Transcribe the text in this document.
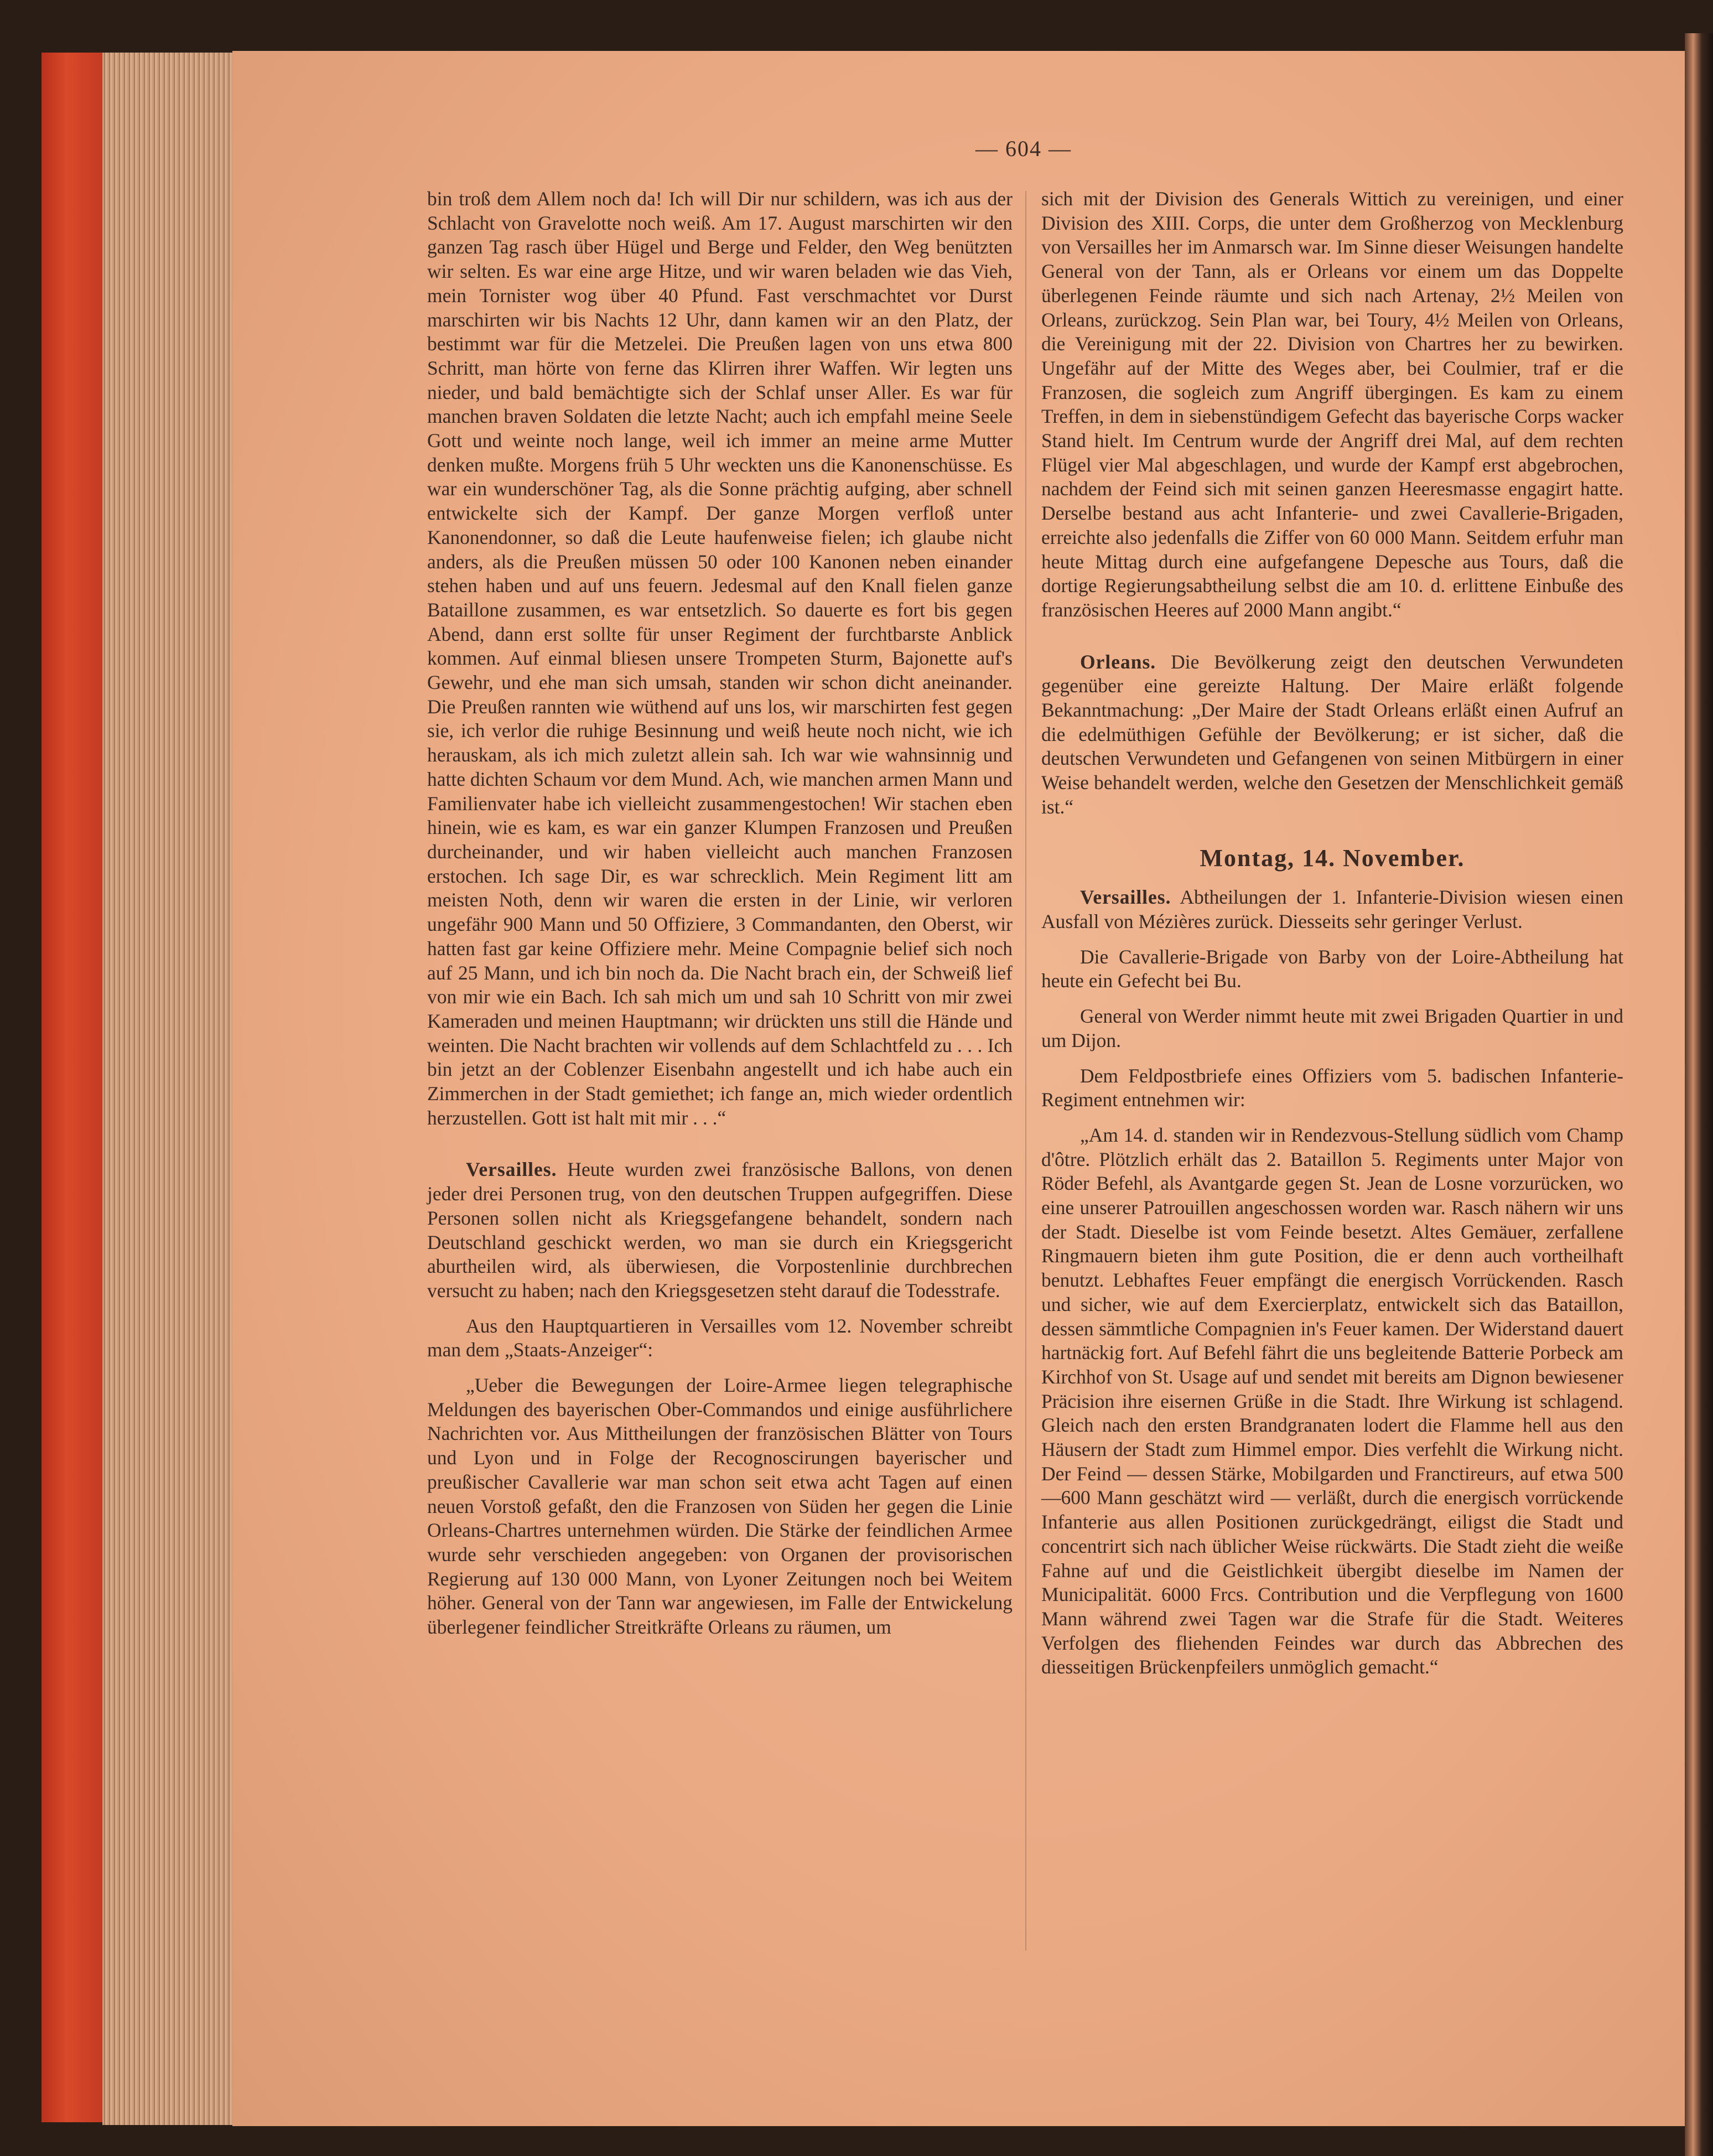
— 604 —

bin troß dem Allem noch da! Ich will Dir nur schildern, was ich aus der Schlacht von Gravelotte noch weiß. Am 17. August marschirten wir den ganzen Tag rasch über Hügel und Berge und Felder, den Weg benützten wir selten. Es war eine arge Hitze, und wir waren beladen wie das Vieh, mein Tornister wog über 40 Pfund. Fast verschmachtet vor Durst marschirten wir bis Nachts 12 Uhr, dann kamen wir an den Platz, der bestimmt war für die Metzelei. Die Preußen lagen von uns etwa 800 Schritt, man hörte von ferne das Klirren ihrer Waffen. Wir legten uns nieder, und bald bemächtigte sich der Schlaf unser Aller. Es war für manchen braven Soldaten die letzte Nacht; auch ich empfahl meine Seele Gott und weinte noch lange, weil ich immer an meine arme Mutter denken mußte. Morgens früh 5 Uhr weckten uns die Kanonenschüsse. Es war ein wunderschöner Tag, als die Sonne prächtig aufging, aber schnell entwickelte sich der Kampf. Der ganze Morgen verfloß unter Kanonendonner, so daß die Leute haufenweise fielen; ich glaube nicht anders, als die Preußen müssen 50 oder 100 Kanonen neben einander stehen haben und auf uns feuern. Jedesmal auf den Knall fielen ganze Bataillone zusammen, es war entsetzlich. So dauerte es fort bis gegen Abend, dann erst sollte für unser Regiment der furchtbarste Anblick kommen. Auf einmal bliesen unsere Trompeten Sturm, Bajonette auf's Gewehr, und ehe man sich umsah, standen wir schon dicht aneinander. Die Preußen rannten wie wüthend auf uns los, wir marschirten fest gegen sie, ich verlor die ruhige Besinnung und weiß heute noch nicht, wie ich herauskam, als ich mich zuletzt allein sah. Ich war wie wahnsinnig und hatte dichten Schaum vor dem Mund. Ach, wie manchen armen Mann und Familienvater habe ich vielleicht zusammengestochen! Wir stachen eben hinein, wie es kam, es war ein ganzer Klumpen Franzosen und Preußen durcheinander, und wir haben vielleicht auch manchen Franzosen erstochen. Ich sage Dir, es war schrecklich. Mein Regiment litt am meisten Noth, denn wir waren die ersten in der Linie, wir verloren ungefähr 900 Mann und 50 Offiziere, 3 Commandanten, den Oberst, wir hatten fast gar keine Offiziere mehr. Meine Compagnie belief sich noch auf 25 Mann, und ich bin noch da. Die Nacht brach ein, der Schweiß lief von mir wie ein Bach. Ich sah mich um und sah 10 Schritt von mir zwei Kameraden und meinen Hauptmann; wir drückten uns still die Hände und weinten. Die Nacht brachten wir vollends auf dem Schlachtfeld zu . . . Ich bin jetzt an der Coblenzer Eisenbahn angestellt und ich habe auch ein Zimmerchen in der Stadt gemiethet; ich fange an, mich wieder ordentlich herzustellen. Gott ist halt mit mir . . .“

Versailles. Heute wurden zwei französische Ballons, von denen jeder drei Personen trug, von den deutschen Truppen aufgegriffen. Diese Personen sollen nicht als Kriegsgefangene behandelt, sondern nach Deutschland geschickt werden, wo man sie durch ein Kriegsgericht aburtheilen wird, als überwiesen, die Vorpostenlinie durchbrechen versucht zu haben; nach den Kriegsgesetzen steht darauf die Todesstrafe.

Aus den Hauptquartieren in Versailles vom 12. November schreibt man dem „Staats-Anzeiger“:

„Ueber die Bewegungen der Loire-Armee liegen telegraphische Meldungen des bayerischen Ober-Commandos und einige ausführlichere Nachrichten vor. Aus Mittheilungen der französischen Blätter von Tours und Lyon und in Folge der Recognoscirungen bayerischer und preußischer Cavallerie war man schon seit etwa acht Tagen auf einen neuen Vorstoß gefaßt, den die Franzosen von Süden her gegen die Linie Orleans-Chartres unternehmen würden. Die Stärke der feindlichen Armee wurde sehr verschieden angegeben: von Organen der provisorischen Regierung auf 130 000 Mann, von Lyoner Zeitungen noch bei Weitem höher. General von der Tann war angewiesen, im Falle der Entwickelung überlegener feindlicher Streitkräfte Orleans zu räumen, um

sich mit der Division des Generals Wittich zu vereinigen, und einer Division des XIII. Corps, die unter dem Großherzog von Mecklenburg von Versailles her im Anmarsch war. Im Sinne dieser Weisungen handelte General von der Tann, als er Orleans vor einem um das Doppelte überlegenen Feinde räumte und sich nach Artenay, 2½ Meilen von Orleans, zurückzog. Sein Plan war, bei Toury, 4½ Meilen von Orleans, die Vereinigung mit der 22. Division von Chartres her zu bewirken. Ungefähr auf der Mitte des Weges aber, bei Coulmier, traf er die Franzosen, die sogleich zum Angriff übergingen. Es kam zu einem Treffen, in dem in siebenstündigem Gefecht das bayerische Corps wacker Stand hielt. Im Centrum wurde der Angriff drei Mal, auf dem rechten Flügel vier Mal abgeschlagen, und wurde der Kampf erst abgebrochen, nachdem der Feind sich mit seinen ganzen Heeresmasse engagirt hatte. Derselbe bestand aus acht Infanterie- und zwei Cavallerie-Brigaden, erreichte also jedenfalls die Ziffer von 60 000 Mann. Seitdem erfuhr man heute Mittag durch eine aufgefangene Depesche aus Tours, daß die dortige Regierungsabtheilung selbst die am 10. d. erlittene Einbuße des französischen Heeres auf 2000 Mann angibt.“

Orleans. Die Bevölkerung zeigt den deutschen Verwundeten gegenüber eine gereizte Haltung. Der Maire erläßt folgende Bekanntmachung: „Der Maire der Stadt Orleans erläßt einen Aufruf an die edelmüthigen Gefühle der Bevölkerung; er ist sicher, daß die deutschen Verwundeten und Gefangenen von seinen Mitbürgern in einer Weise behandelt werden, welche den Gesetzen der Menschlichkeit gemäß ist.“

Montag, 14. November.

Versailles. Abtheilungen der 1. Infanterie-Division wiesen einen Ausfall von Mézières zurück. Diesseits sehr geringer Verlust.

Die Cavallerie-Brigade von Barby von der Loire-Abtheilung hat heute ein Gefecht bei Bu.

General von Werder nimmt heute mit zwei Brigaden Quartier in und um Dijon.

Dem Feldpostbriefe eines Offiziers vom 5. badischen Infanterie-Regiment entnehmen wir:

„Am 14. d. standen wir in Rendezvous-Stellung südlich vom Champ d'ôtre. Plötzlich erhält das 2. Bataillon 5. Regiments unter Major von Röder Befehl, als Avantgarde gegen St. Jean de Losne vorzurücken, wo eine unserer Patrouillen angeschossen worden war. Rasch nähern wir uns der Stadt. Dieselbe ist vom Feinde besetzt. Altes Gemäuer, zerfallene Ringmauern bieten ihm gute Position, die er denn auch vortheilhaft benutzt. Lebhaftes Feuer empfängt die energisch Vorrückenden. Rasch und sicher, wie auf dem Exercierplatz, entwickelt sich das Bataillon, dessen sämmtliche Compagnien in's Feuer kamen. Der Widerstand dauert hartnäckig fort. Auf Befehl fährt die uns begleitende Batterie Porbeck am Kirchhof von St. Usage auf und sendet mit bereits am Dignon bewiesener Präcision ihre eisernen Grüße in die Stadt. Ihre Wirkung ist schlagend. Gleich nach den ersten Brandgranaten lodert die Flamme hell aus den Häusern der Stadt zum Himmel empor. Dies verfehlt die Wirkung nicht. Der Feind — dessen Stärke, Mobilgarden und Franctireurs, auf etwa 500—600 Mann geschätzt wird — verläßt, durch die energisch vorrückende Infanterie aus allen Positionen zurückgedrängt, eiligst die Stadt und concentrirt sich nach üblicher Weise rückwärts. Die Stadt zieht die weiße Fahne auf und die Geistlichkeit übergibt dieselbe im Namen der Municipalität. 6000 Frcs. Contribution und die Verpflegung von 1600 Mann während zwei Tagen war die Strafe für die Stadt. Weiteres Verfolgen des fliehenden Feindes war durch das Abbrechen des diesseitigen Brückenpfeilers unmöglich gemacht.“
